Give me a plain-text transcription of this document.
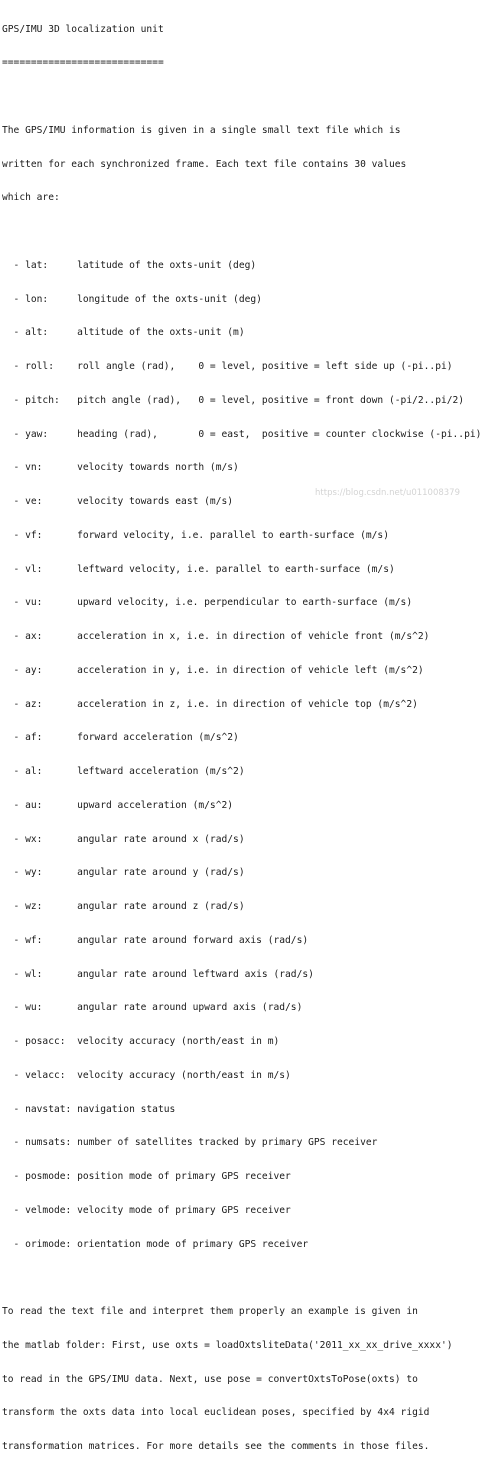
GPS/IMU 3D localization unit

============================

The GPS/IMU information is given in a single small text file which is

written for each synchronized frame. Each text file contains 30 values

which are:

- lat:     latitude of the oxts-unit (deg)

- lon:     longitude of the oxts-unit (deg)

- alt:     altitude of the oxts-unit (m)

- roll:    roll angle (rad),    0 = level, positive = left side up (-pi..pi)

- pitch:   pitch angle (rad),   0 = level, positive = front down (-pi/2..pi/2)

- yaw:     heading (rad),       0 = east,  positive = counter clockwise (-pi..pi)

- vn:      velocity towards north (m/s)

- ve:      velocity towards east (m/s)

- vf:      forward velocity, i.e. parallel to earth-surface (m/s)

- vl:      leftward velocity, i.e. parallel to earth-surface (m/s)

- vu:      upward velocity, i.e. perpendicular to earth-surface (m/s)

- ax:      acceleration in x, i.e. in direction of vehicle front (m/s^2)

- ay:      acceleration in y, i.e. in direction of vehicle left (m/s^2)

- az:      acceleration in z, i.e. in direction of vehicle top (m/s^2)

- af:      forward acceleration (m/s^2)

- al:      leftward acceleration (m/s^2)

- au:      upward acceleration (m/s^2)

- wx:      angular rate around x (rad/s)

- wy:      angular rate around y (rad/s)

- wz:      angular rate around z (rad/s)

- wf:      angular rate around forward axis (rad/s)

- wl:      angular rate around leftward axis (rad/s)

- wu:      angular rate around upward axis (rad/s)

- posacc:  velocity accuracy (north/east in m)

- velacc:  velocity accuracy (north/east in m/s)

- navstat: navigation status

- numsats: number of satellites tracked by primary GPS receiver

- posmode: position mode of primary GPS receiver

- velmode: velocity mode of primary GPS receiver

- orimode: orientation mode of primary GPS receiver

To read the text file and interpret them properly an example is given in

the matlab folder: First, use oxts = loadOxtsliteData('2011_xx_xx_drive_xxxx')

to read in the GPS/IMU data. Next, use pose = convertOxtsToPose(oxts) to

transform the oxts data into local euclidean poses, specified by 4x4 rigid

transformation matrices. For more details see the comments in those files.

https://blog.csdn.net/u011008379
